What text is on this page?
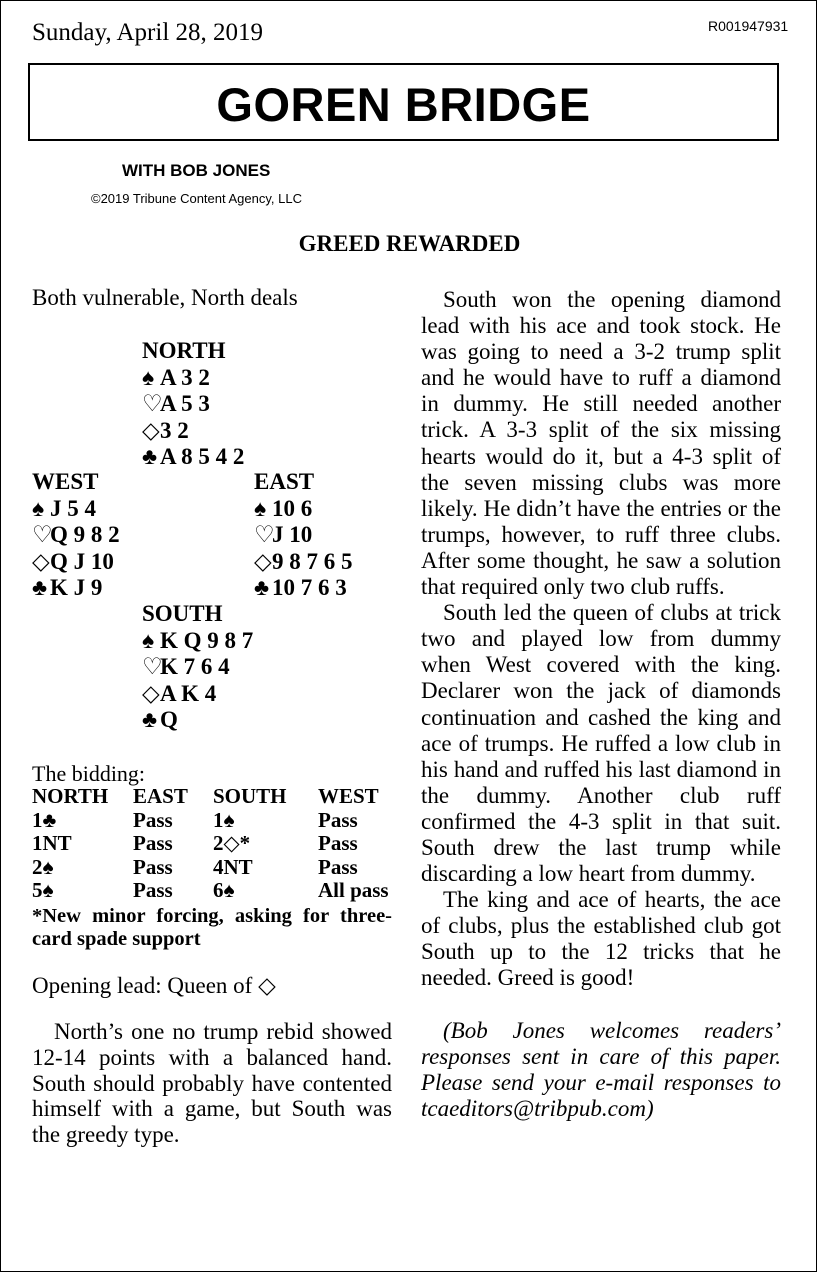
Sunday, April 28, 2019	R001947931
GOREN BRIDGE
WITH BOB JONES
©2019 Tribune Content Agency, LLC
GREED REWARDED
Both vulnerable, North deals
NORTH
♠ A 3 2
♡A 5 3
◇3 2
♣ A 8 5 4 2
WEST
♠ J 5 4
♡Q 9 8 2
◇Q J 10
♣ K J 9
EAST
♠ 10 6
♡J 10
◇9 8 7 6 5
♣ 10 7 6 3
SOUTH
♠ K Q 9 8 7
♡K 7 6 4
◇A K 4
♣ Q
The bidding:
NORTH	EAST	SOUTH	WEST
1♣	Pass	1♠	Pass
1NT	Pass	2◇*	Pass
2♠	Pass	4NT	Pass
5♠	Pass	6♠	All pass
*New minor forcing, asking for three-card spade support
Opening lead: Queen of ◇
North’s one no trump rebid showed 12-14 points with a balanced hand. South should probably have contented himself with a game, but South was the greedy type.

South won the opening diamond lead with his ace and took stock. He was going to need a 3-2 trump split and he would have to ruff a diamond in dummy. He still needed another trick. A 3-3 split of the six missing hearts would do it, but a 4-3 split of the seven missing clubs was more likely. He didn’t have the entries or the trumps, however, to ruff three clubs. After some thought, he saw a solution that required only two club ruffs.

South led the queen of clubs at trick two and played low from dummy when West covered with the king. Declarer won the jack of diamonds continuation and cashed the king and ace of trumps. He ruffed a low club in his hand and ruffed his last diamond in the dummy. Another club ruff confirmed the 4-3 split in that suit. South drew the last trump while discarding a low heart from dummy.

The king and ace of hearts, the ace of clubs, plus the established club got South up to the 12 tricks that he needed. Greed is good!

(Bob Jones welcomes readers’ responses sent in care of this paper. Please send your e-mail responses to tcaeditors@tribpub.com)
